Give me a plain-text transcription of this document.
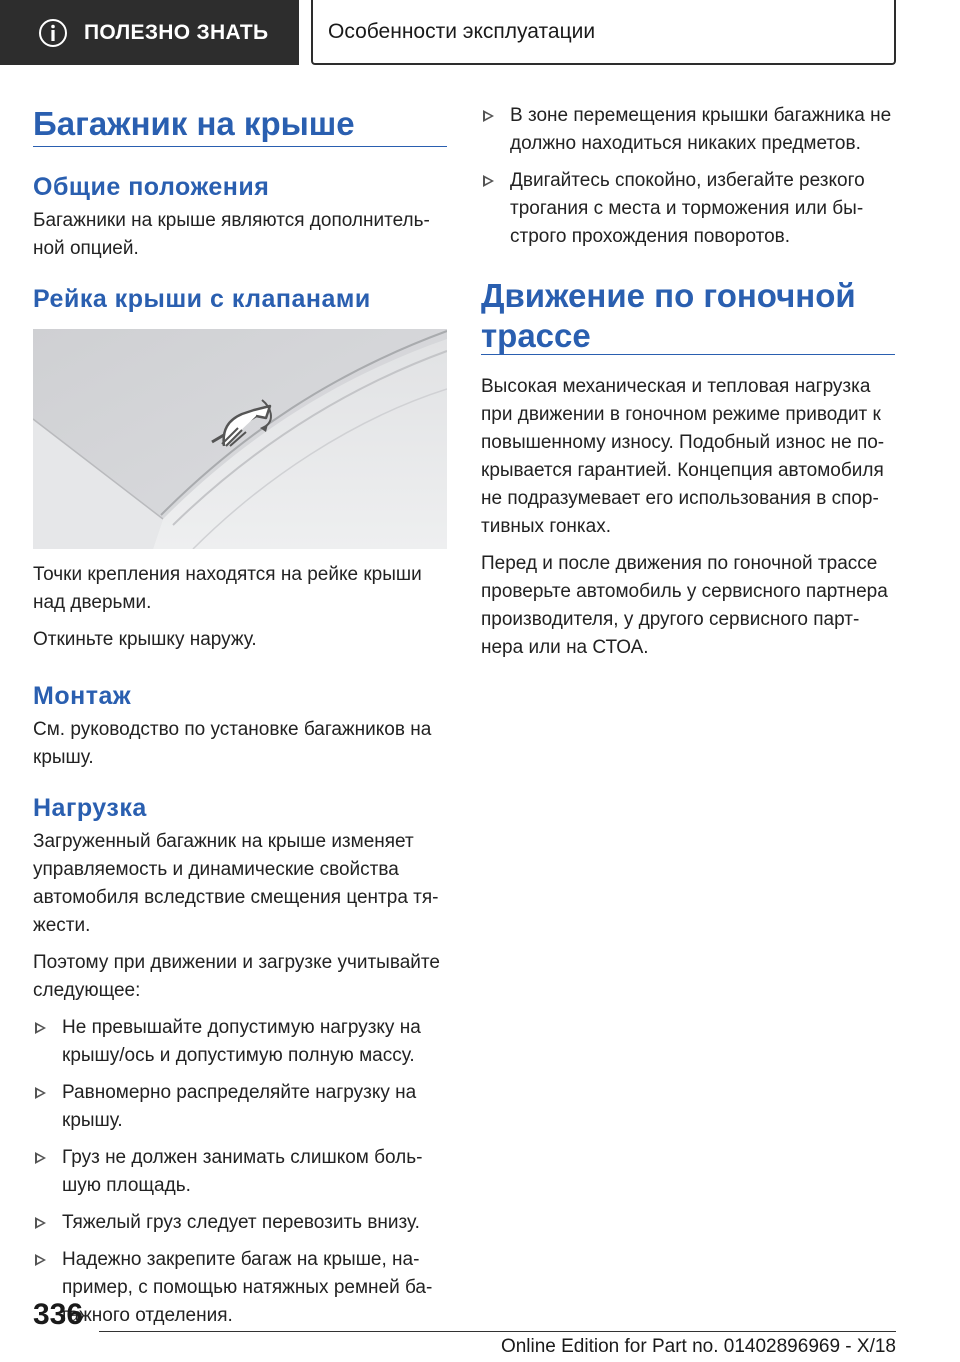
ПОЛЕЗНО ЗНАТЬ	Особенности эксплуатации
Багажник на крыше
Общие положения
Багажники на крыше являются дополнитель-
ной опцией.
Рейка крыши с клапанами
Точки крепления находятся на рейке крыши
над дверьми.
Откиньте крышку наружу.
Монтаж
См. руководство по установке багажников на
крышу.
Нагрузка
Загруженный багажник на крыше изменяет
управляемость и динамические свойства
автомобиля вследствие смещения центра тя-
жести.
Поэтому при движении и загрузке учитывайте
следующее:
Не превышайте допустимую нагрузку на
крышу/ось и допустимую полную массу.
Равномерно распределяйте нагрузку на
крышу.
Груз не должен занимать слишком боль-
шую площадь.
Тяжелый груз следует перевозить внизу.
Надежно закрепите багаж на крыше, на-
пример, с помощью натяжных ремней ба-
гажного отделения.
В зоне перемещения крышки багажника не
должно находиться никаких предметов.
Двигайтесь спокойно, избегайте резкого
трогания с места и торможения или бы-
строго прохождения поворотов.
Движение по гоночной
трассе
Высокая механическая и тепловая нагрузка
при движении в гоночном режиме приводит к
повышенному износу. Подобный износ не по-
крывается гарантией. Концепция автомобиля
не подразумевает его использования в спор-
тивных гонках.
Перед и после движения по гоночной трассе
проверьте автомобиль у сервисного партнера
производителя, у другого сервисного парт-
нера или на СТОА.
336
Online Edition for Part no. 01402896969 - X/18
